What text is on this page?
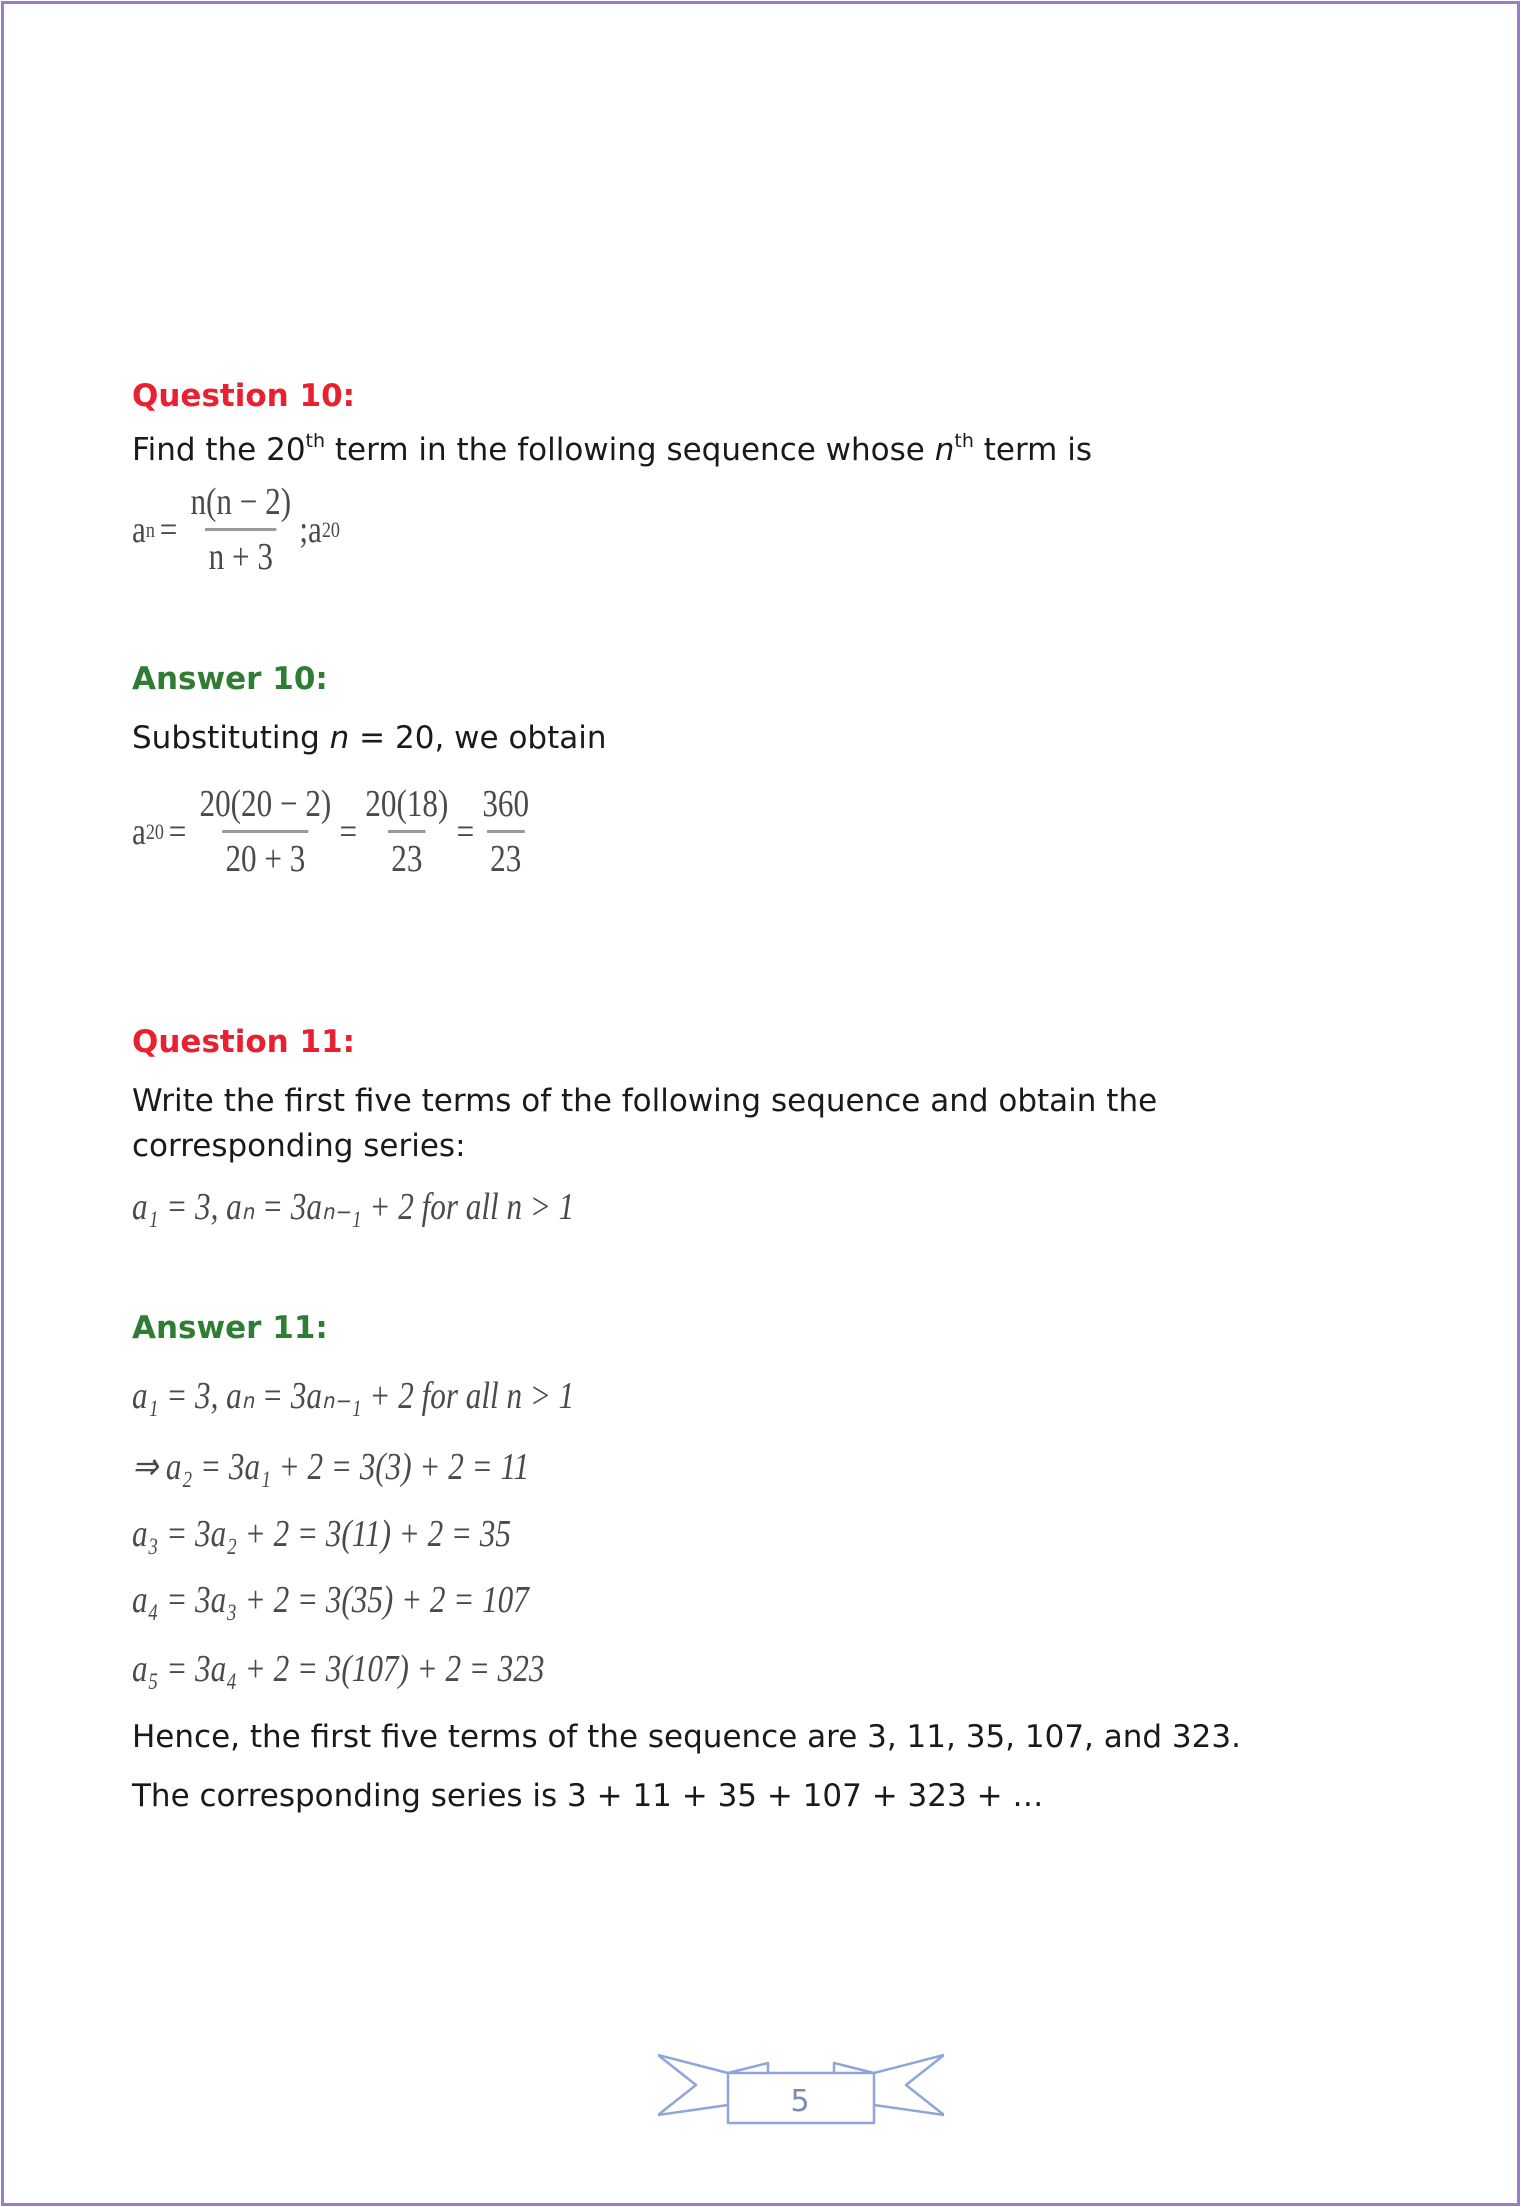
Question 10:
Find the 20th term in the following sequence whose $n^{th}$ term is
a $n = \frac{n(n - 2)}{n + 3}$ ;a 20
Answer 10:
Substituting n = 20, we obtain
a $20 = \frac{20(20 - 2)}{20 + 3} = \frac{20(18)}{23} = \frac{360}{23}$
Question 11:
Write the first five terms of the following sequence and obtain the
corresponding series:
a₁ = 3, aₙ = 3aₙ₋₁ + 2 for all n > 1
Answer 11:
a₁ = 3, aₙ = 3aₙ₋₁ + 2 for all n > 1
⇒ a₂ = 3a₁ + 2 = 3(3) + 2 = 11
a₃ = 3a₂ + 2 = 3(11) + 2 = 35
a₄ = 3a₃ + 2 = 3(35) + 2 = 107
a₅ = 3a₄ + 2 = 3(107) + 2 = 323
Hence, the first five terms of the sequence are 3, 11, 35, 107, and 323.
The corresponding series is 3 + 11 + 35 + 107 + 323 + …
5
